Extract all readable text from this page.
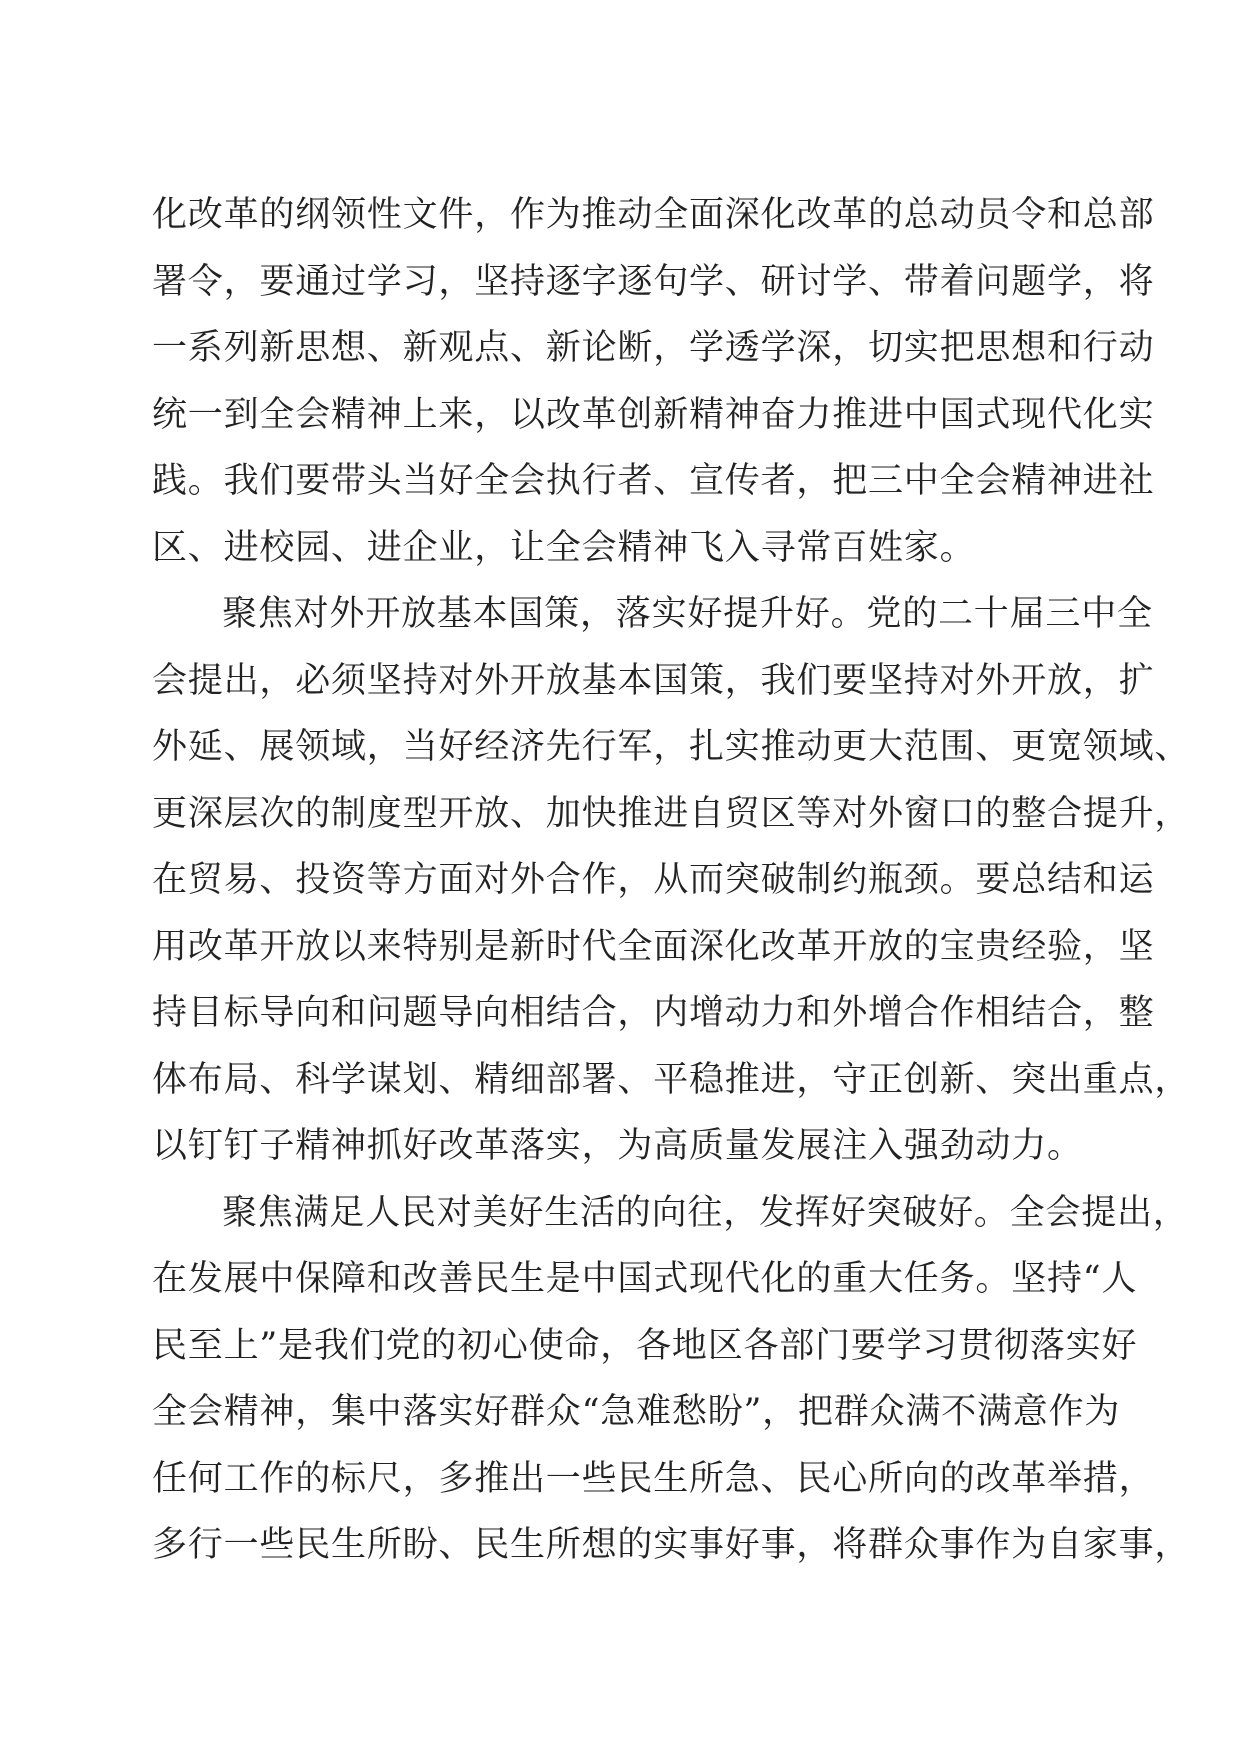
化改革的纲领性文件，作为推动全面深化改革的总动员令和总部
署令，要通过学习，坚持逐字逐句学、研讨学、带着问题学，将
一系列新思想、新观点、新论断，学透学深，切实把思想和行动
统一到全会精神上来，以改革创新精神奋力推进中国式现代化实
践。我们要带头当好全会执行者、宣传者，把三中全会精神进社
区、进校园、进企业，让全会精神飞入寻常百姓家。
聚焦对外开放基本国策，落实好提升好。党的二十届三中全
会提出，必须坚持对外开放基本国策，我们要坚持对外开放，扩
外延、展领域，当好经济先行军，扎实推动更大范围、更宽领域、
更深层次的制度型开放、加快推进自贸区等对外窗口的整合提升，
在贸易、投资等方面对外合作，从而突破制约瓶颈。要总结和运
用改革开放以来特别是新时代全面深化改革开放的宝贵经验，坚
持目标导向和问题导向相结合，内增动力和外增合作相结合，整
体布局、科学谋划、精细部署、平稳推进，守正创新、突出重点，
以钉钉子精神抓好改革落实，为高质量发展注入强劲动力。
聚焦满足人民对美好生活的向往，发挥好突破好。全会提出，
在发展中保障和改善民生是中国式现代化的重大任务。坚持“人
民至上”是我们党的初心使命，各地区各部门要学习贯彻落实好
全会精神，集中落实好群众“急难愁盼”，把群众满不满意作为
任何工作的标尺，多推出一些民生所急、民心所向的改革举措，
多行一些民生所盼、民生所想的实事好事，将群众事作为自家事，
